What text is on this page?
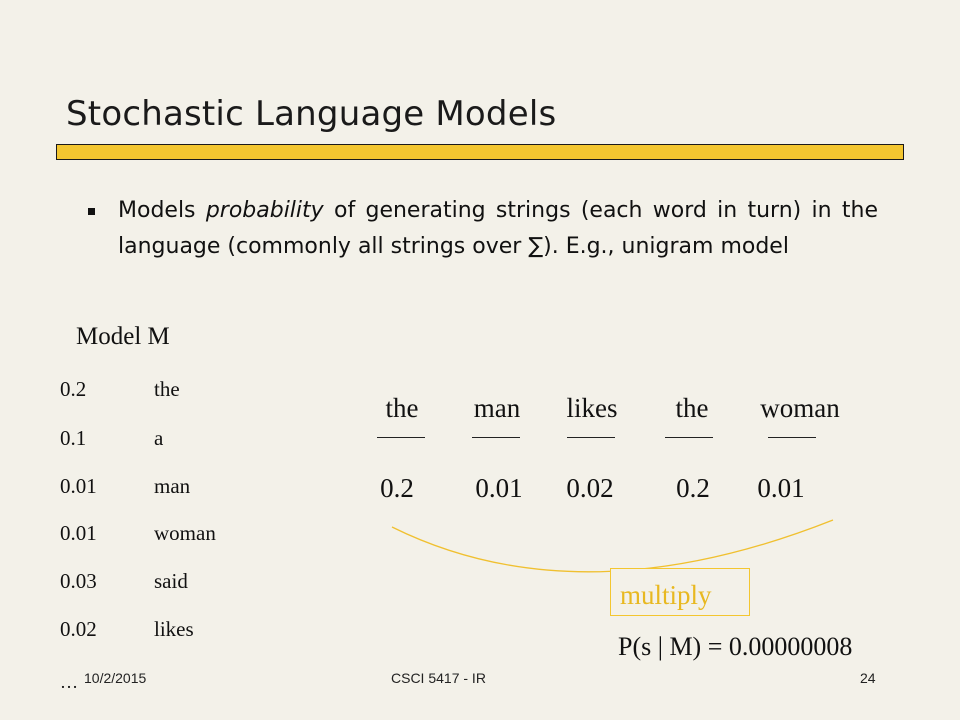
Stochastic Language Models
Models probability of generating strings (each word in turn) in the language (commonly all strings over ∑). E.g., unigram model
Model M
0.2	the
0.1	a
0.01	man
0.01	woman
0.03	said
0.02	likes
…
the man likes the woman
0.2 0.01 0.02 0.2 0.01
multiply
P(s | M) = 0.00000008
10/2/2015	CSCI 5417 - IR	24
